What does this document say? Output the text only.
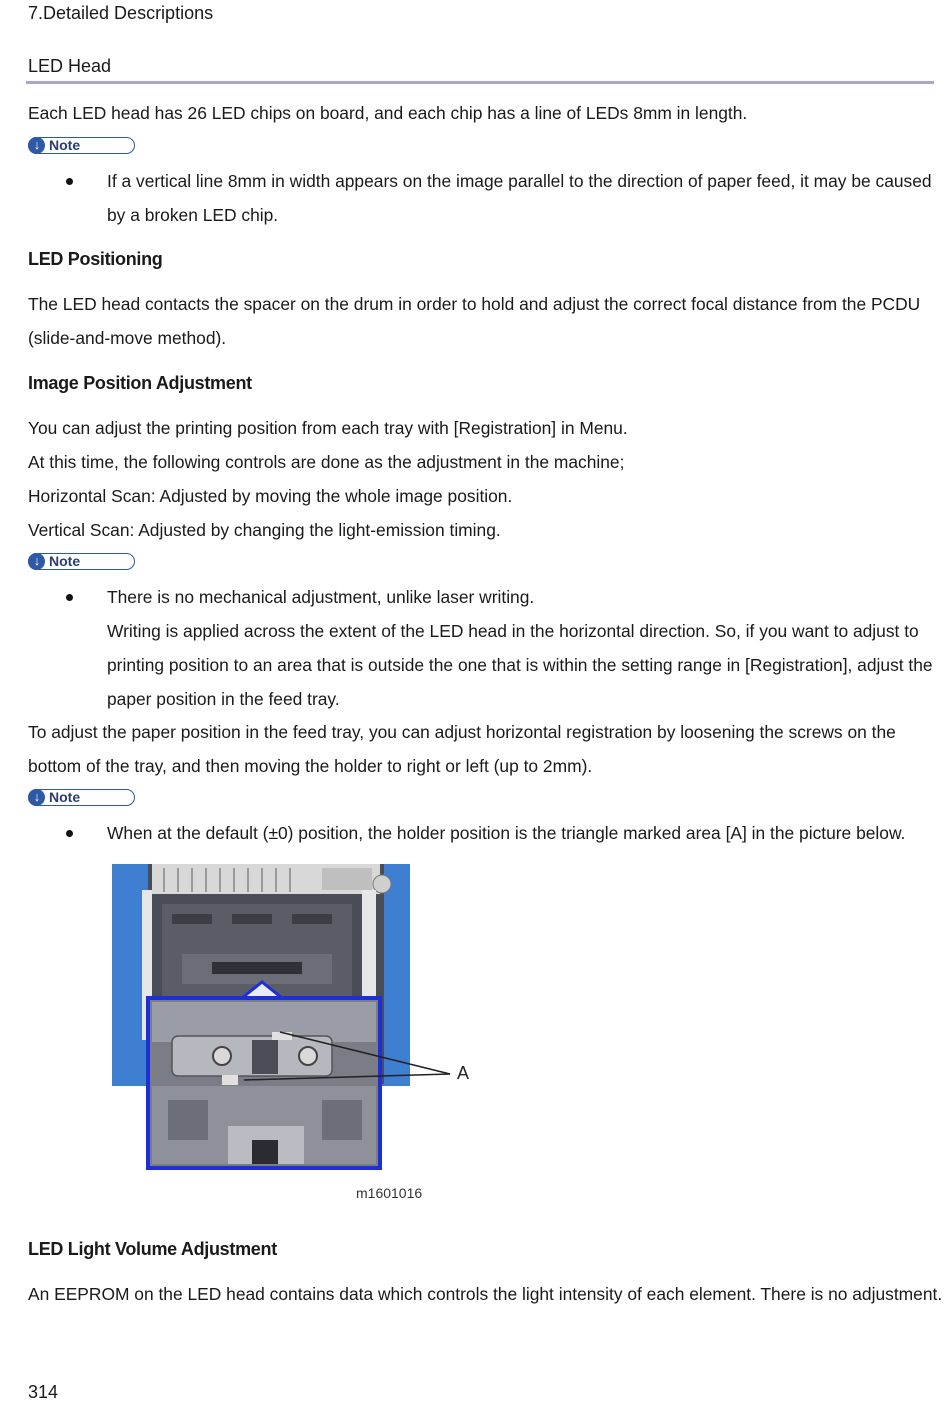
7.Detailed Descriptions
LED Head
Each LED head has 26 LED chips on board, and each chip has a line of LEDs 8mm in length.
↓ Note
If a vertical line 8mm in width appears on the image parallel to the direction of paper feed, it may be caused
by a broken LED chip.
LED Positioning
The LED head contacts the spacer on the drum in order to hold and adjust the correct focal distance from the PCDU
(slide-and-move method).
Image Position Adjustment
You can adjust the printing position from each tray with [Registration] in Menu.
At this time, the following controls are done as the adjustment in the machine;
Horizontal Scan: Adjusted by moving the whole image position.
Vertical Scan: Adjusted by changing the light-emission timing.
↓ Note
There is no mechanical adjustment, unlike laser writing.
Writing is applied across the extent of the LED head in the horizontal direction. So, if you want to adjust to
printing position to an area that is outside the one that is within the setting range in [Registration], adjust the
paper position in the feed tray.
To adjust the paper position in the feed tray, you can adjust horizontal registration by loosening the screws on the
bottom of the tray, and then moving the holder to right or left (up to 2mm).
↓ Note
When at the default (±0) position, the holder position is the triangle marked area [A] in the picture below.
A
m1601016
LED Light Volume Adjustment
An EEPROM on the LED head contains data which controls the light intensity of each element. There is no adjustment.
314
